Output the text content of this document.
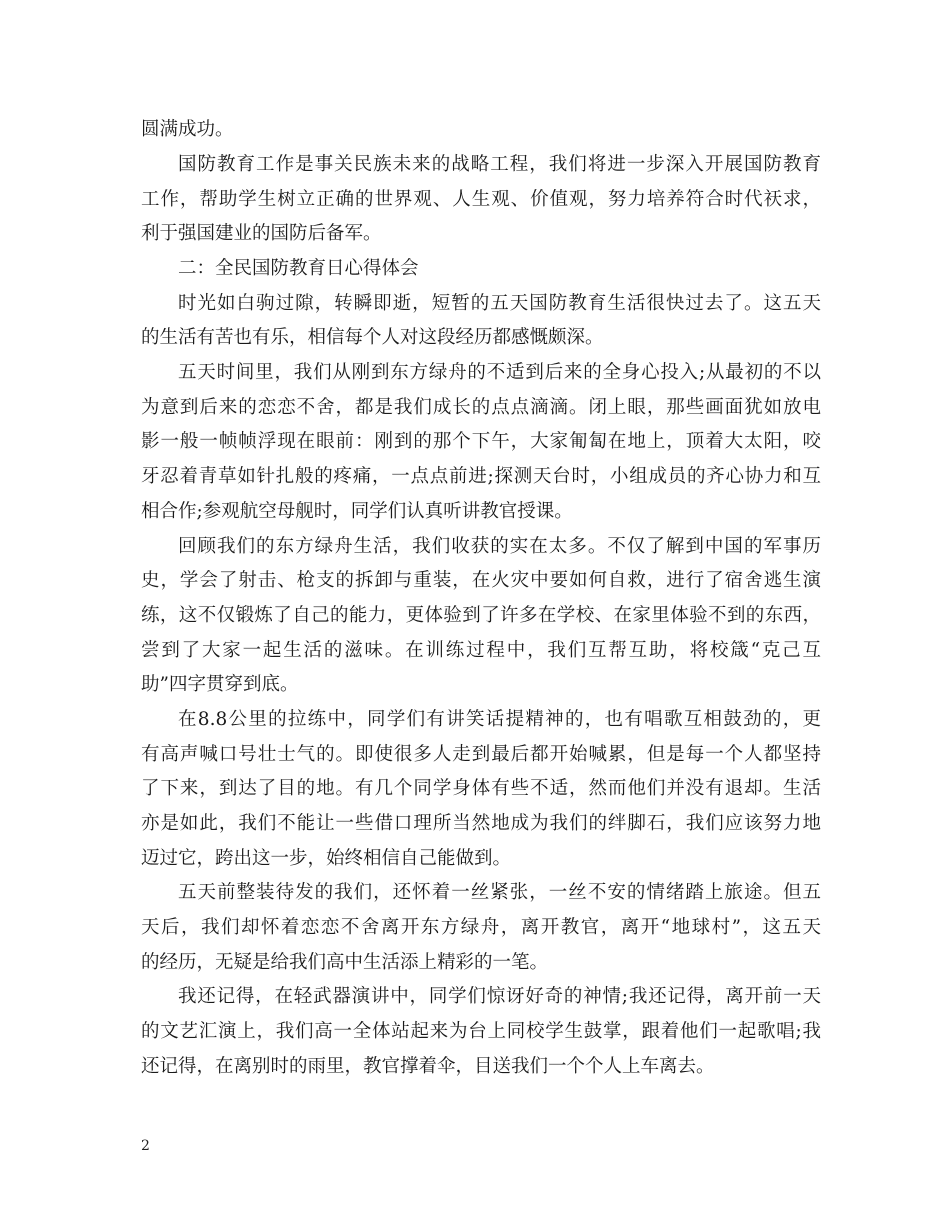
圆满成功。
国防教育工作是事关民族未来的战略工程，我们将进一步深入开展国防教育
工作，帮助学生树立正确的世界观、人生观、价值观，努力培养符合时代祆求，
利于强国建业的国防后备军。
二：全民国防教育日心得体会
时光如白驹过隙，转瞬即逝，短暂的五天国防教育生活很快过去了。这五天
的生活有苦也有乐，相信每个人对这段经历都感慨颇深。
五天时间里，我们从刚到东方绿舟的不适到后来的全身心投入;从最初的不以
为意到后来的恋恋不舍，都是我们成长的点点滴滴。闭上眼，那些画面犹如放电
影一般一帧帧浮现在眼前：刚到的那个下午，大家匍匐在地上，顶着大太阳，咬
牙忍着青草如针扎般的疼痛，一点点前进;探测天台时，小组成员的齐心协力和互
相合作;参观航空母舰时，同学们认真听讲教官授课。
回顾我们的东方绿舟生活，我们收获的实在太多。不仅了解到中国的军事历
史，学会了射击、枪支的拆卸与重装，在火灾中要如何自救，进行了宿舍逃生演
练，这不仅锻炼了自己的能力，更体验到了许多在学校、在家里体验不到的东西，
尝到了大家一起生活的滋味。在训练过程中，我们互帮互助，将校箴“克己互
助”四字贯穿到底。
在8.8公里的拉练中，同学们有讲笑话提精神的，也有唱歌互相鼓劲的，更
有高声喊口号壮士气的。即使很多人走到最后都开始喊累，但是每一个人都坚持
了下来，到达了目的地。有几个同学身体有些不适，然而他们并没有退却。生活
亦是如此，我们不能让一些借口理所当然地成为我们的绊脚石，我们应该努力地
迈过它，跨出这一步，始终相信自己能做到。
五天前整装待发的我们，还怀着一丝紧张，一丝不安的情绪踏上旅途。但五
天后，我们却怀着恋恋不舍离开东方绿舟，离开教官，离开“地球村”，这五天
的经历，无疑是给我们高中生活添上精彩的一笔。
我还记得，在轻武器演讲中，同学们惊讶好奇的神情;我还记得，离开前一天
的文艺汇演上，我们高一全体站起来为台上同校学生鼓掌，跟着他们一起歌唱;我
还记得，在离别时的雨里，教官撑着伞，目送我们一个个人上车离去。
2
